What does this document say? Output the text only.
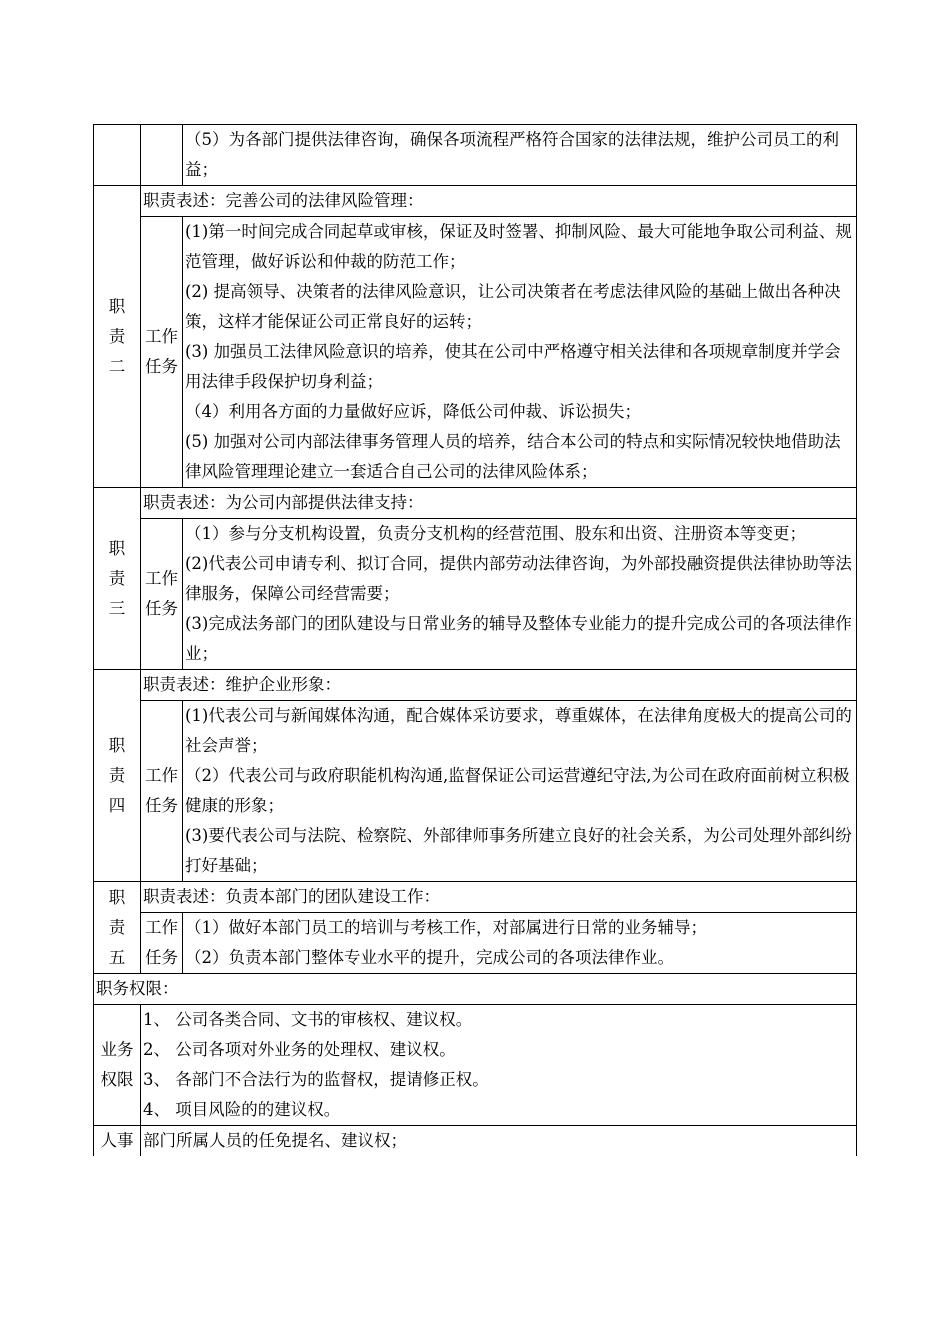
		（5）为各部门提供法律咨询，确保各项流程严格符合国家的法律法规，维护公司员工的利益；

职
责
二	职责表述：完善公司的法律风险管理：	

	工作
任务	(1)第一时间完成合同起草或审核，保证及时签署、抑制风险、最大可能地争取公司利益、规范管理，做好诉讼和仲裁的防范工作；
(2) 提高领导、决策者的法律风险意识，让公司决策者在考虑法律风险的基础上做出各种决策，这样才能保证公司正常良好的运转；
(3) 加强员工法律风险意识的培养，使其在公司中严格遵守相关法律和各项规章制度并学会用法律手段保护切身利益；
（4）利用各方面的力量做好应诉，降低公司仲裁、诉讼损失；
(5) 加强对公司内部法律事务管理人员的培养，结合本公司的特点和实际情况较快地借助法律风险管理理论建立一套适合自己公司的法律风险体系；

职
责
三	职责表述：为公司内部提供法律支持：	

	工作
任务	（1）参与分支机构设置，负责分支机构的经营范围、股东和出资、注册资本等变更；
(2)代表公司申请专利、拟订合同，提供内部劳动法律咨询，为外部投融资提供法律协助等法律服务，保障公司经营需要；
(3)完成法务部门的团队建设与日常业务的辅导及整体专业能力的提升完成公司的各项法律作业；

职
责
四	职责表述：维护企业形象：	

	工作
任务	(1)代表公司与新闻媒体沟通，配合媒体采访要求，尊重媒体，在法律角度极大的提高公司的社会声誉；
（2）代表公司与政府职能机构沟通,监督保证公司运营遵纪守法,为公司在政府面前树立积极健康的形象；
(3)要代表公司与法院、检察院、外部律师事务所建立良好的社会关系，为公司处理外部纠纷打好基础；

职
责
五	职责表述：负责本部门的团队建设工作：	

	工作
任务	（1）做好本部门员工的培训与考核工作，对部属进行日常的业务辅导；
（2）负责本部门整体专业水平的提升，完成公司的各项法律作业。

职务权限：		

业务
权限	1、 公司各类合同、文书的审核权、建议权。
2、 公司各项对外业务的处理权、建议权。
3、 各部门不合法行为的监督权，提请修正权。
4、 项目风险的的建议权。	

人事	部门所属人员的任免提名、建议权；	
